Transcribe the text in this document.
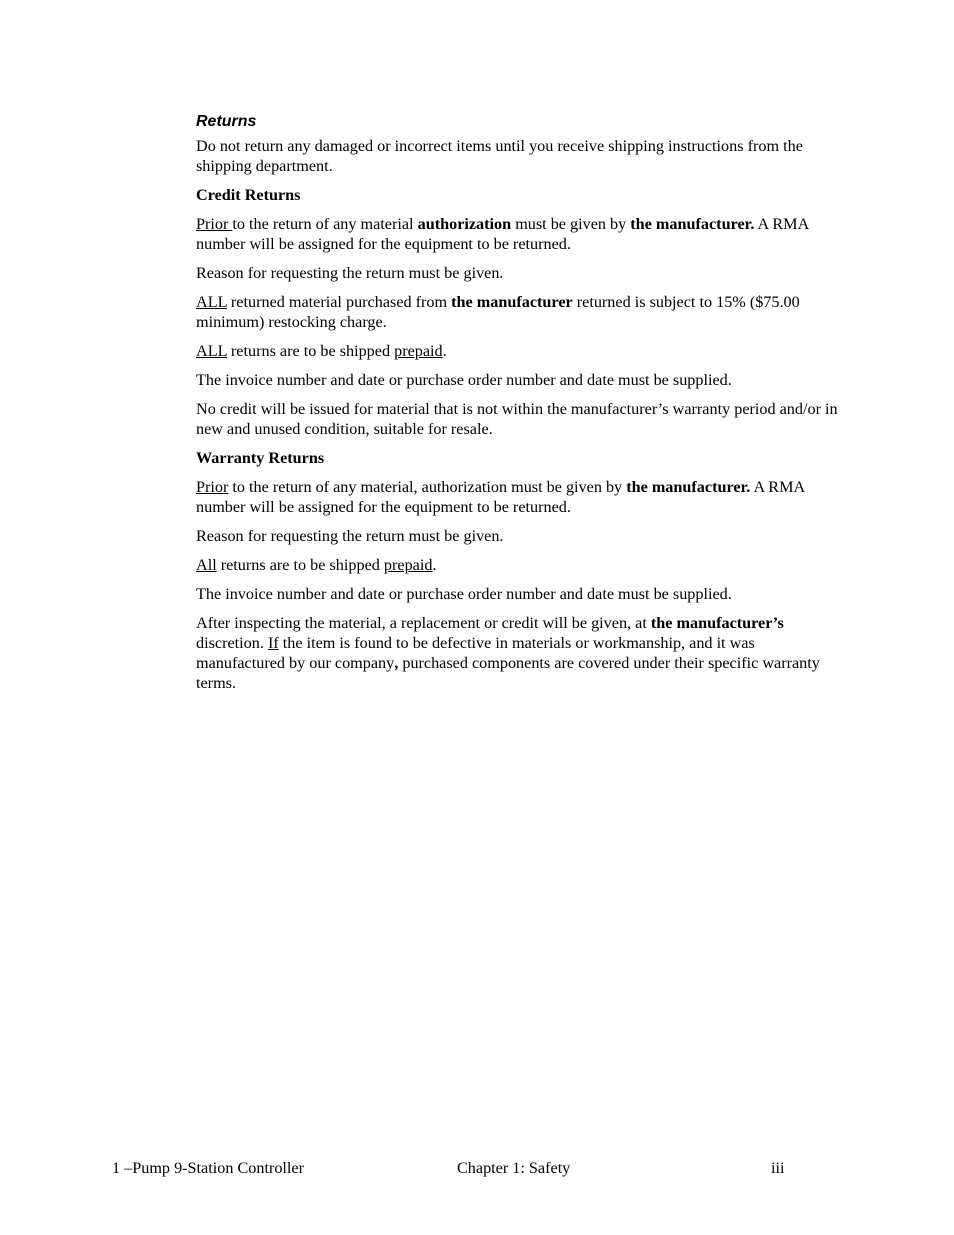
Returns

Do not return any damaged or incorrect items until you receive shipping instructions from the shipping department.

Credit Returns

Prior to the return of any material authorization must be given by the manufacturer. A RMA number will be assigned for the equipment to be returned.

Reason for requesting the return must be given.

ALL returned material purchased from the manufacturer returned is subject to 15% ($75.00 minimum) restocking charge.

ALL returns are to be shipped prepaid.

The invoice number and date or purchase order number and date must be supplied.

No credit will be issued for material that is not within the manufacturer’s warranty period and/or in new and unused condition, suitable for resale.

Warranty Returns

Prior to the return of any material, authorization must be given by the manufacturer. A RMA number will be assigned for the equipment to be returned.

Reason for requesting the return must be given.

All returns are to be shipped prepaid.

The invoice number and date or purchase order number and date must be supplied.

After inspecting the material, a replacement or credit will be given, at the manufacturer’s discretion. If the item is found to be defective in materials or workmanship, and it was manufactured by our company, purchased components are covered under their specific warranty terms.

1 –Pump 9-Station Controller	Chapter 1: Safety	iii
